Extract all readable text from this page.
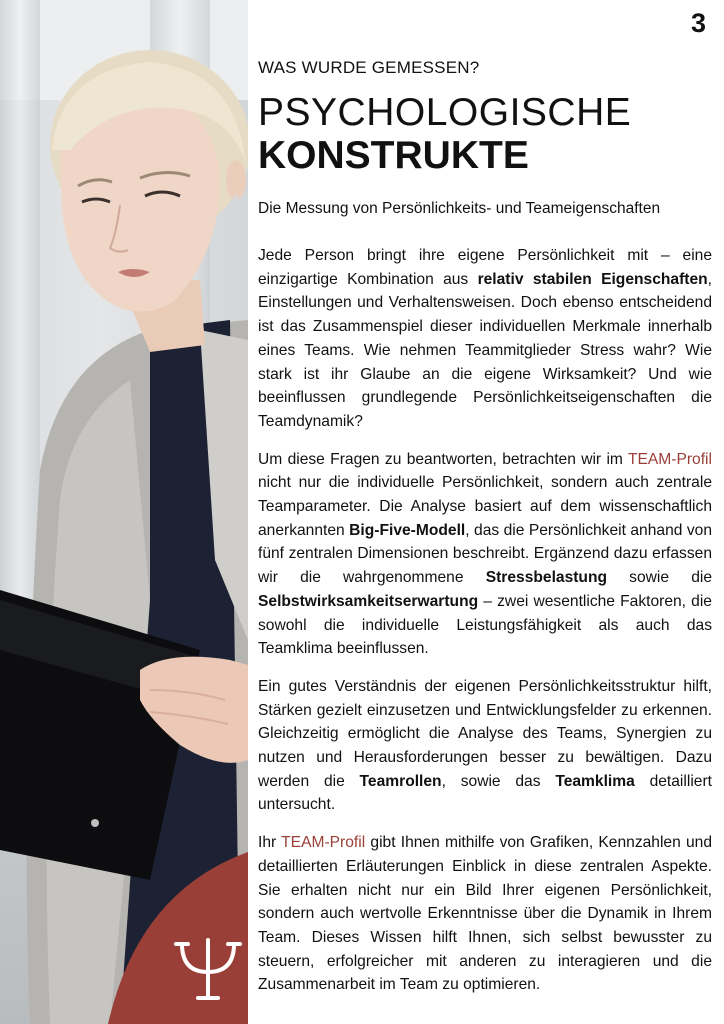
3
WAS WURDE GEMESSEN?
PSYCHOLOGISCHE
KONSTRUKTE
Die Messung von Persönlichkeits- und Teameigenschaften

Jede Person bringt ihre eigene Persönlichkeit mit – eine einzigartige Kombination aus relativ stabilen Eigenschaften, Einstellungen und Verhaltensweisen. Doch ebenso entscheidend ist das Zusammenspiel dieser individuellen Merkmale innerhalb eines Teams. Wie nehmen Teammitglieder Stress wahr? Wie stark ist ihr Glaube an die eigene Wirksamkeit? Und wie beeinflussen grundlegende Persönlichkeitseigenschaften die Teamdynamik?

Um diese Fragen zu beantworten, betrachten wir im TEAM-Profil nicht nur die individuelle Persönlichkeit, sondern auch zentrale Teamparameter. Die Analyse basiert auf dem wissenschaftlich anerkannten Big-Five-Modell, das die Persönlichkeit anhand von fünf zentralen Dimensionen beschreibt. Ergänzend dazu erfassen wir die wahrgenommene Stressbelastung sowie die Selbstwirksamkeitserwartung – zwei wesentliche Faktoren, die sowohl die individuelle Leistungsfähigkeit als auch das Teamklima beeinflussen.

Ein gutes Verständnis der eigenen Persönlichkeitsstruktur hilft, Stärken gezielt einzusetzen und Entwicklungsfelder zu erkennen. Gleichzeitig ermöglicht die Analyse des Teams, Synergien zu nutzen und Herausforderungen besser zu bewältigen. Dazu werden die Teamrollen, sowie das Teamklima detailliert untersucht.

Ihr TEAM-Profil gibt Ihnen mithilfe von Grafiken, Kennzahlen und detaillierten Erläuterungen Einblick in diese zentralen Aspekte. Sie erhalten nicht nur ein Bild Ihrer eigenen Persönlichkeit, sondern auch wertvolle Erkenntnisse über die Dynamik in Ihrem Team. Dieses Wissen hilft Ihnen, sich selbst bewusster zu steuern, erfolgreicher mit anderen zu interagieren und die Zusammenarbeit im Team zu optimieren.
